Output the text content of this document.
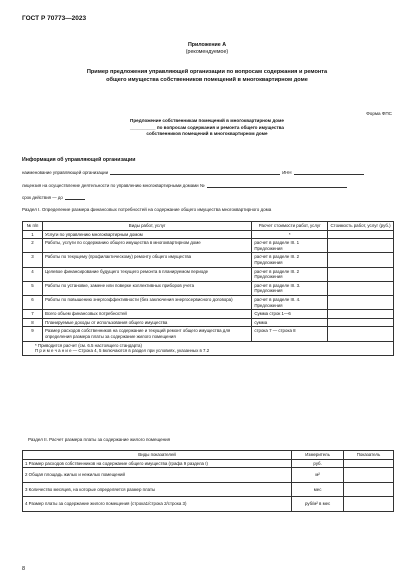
ГОСТ Р 70773—2023
Приложение А
(рекомендуемое)
Пример предложения управляющей организации по вопросам содержания и ремонта
общего имущества собственников помещений в многоквартирном доме
Форма ФПС
Предложение собственникам помещений в многоквартирном доме
__________ по вопросам содержания и ремонта общего имущества
собственников помещений в многоквартирном доме
Информация об управляющей организации
наименование управляющей организации	ИНН
лицензия на осуществление деятельности по управлению многоквартирными домами №
срок действия — до
Раздел I. Определение размера финансовых потребностей на содержание общего имущества многоквартирного дома
№ п/п	Виды работ, услуг	Расчет стоимости работ, услуг	Стоимость работ, услуг (руб.)
1	Услуги по управлению многоквартирным домом	*	
2	Работы, услуги по содержанию общего имущества в многоквартирном доме	расчет в разделе III. 1 Предложения	
3	Работы по текущему (профилактическому) ремонту общего имущества	расчет в разделе III. 2 Предложения	
4	Целевое финансирование будущего текущего ремонта в планируемом периоде	расчет в разделе III. 2 Предложения	
5	Работы по установке, замене или поверке коллективных приборов учета	расчет в разделе III. 3. Предложения	
6	Работы по повышению энергоэффективности (без заключения энергосервисного договора)	расчет в разделе III. 4. Предложения	
7	Всего объем финансовых потребностей	Сумма строк 1—6	
8	Планируемые доходы от использования общего имущества	сумма	
9	Размер расходов собственников на содержание и текущий ремонт общего имущества для определения размера платы за содержание жилого помещения	строка 7 — строка 8	

* Приводится расчет (см. 6.5 настоящего стандарта)
П р и м е ч а н и е — Строка 4, 5 включаются в раздел при условиях, указанных в 7.2			
Раздел II. Расчет размера платы за содержание жилого помещения
Виды показателей	Измеритель	Показатель
1 Размер расходов собственников на содержание общего имущества (графа 9 раздела I)	руб.	
2 Общая площадь жилых и нежилых помещений	м²	
3 Количество месяцев, на которые определяется размер платы	мес	
4 Размер платы за содержание жилого помещения (строка1/строка 2/строка 3)	руб/м² в мес	
8
